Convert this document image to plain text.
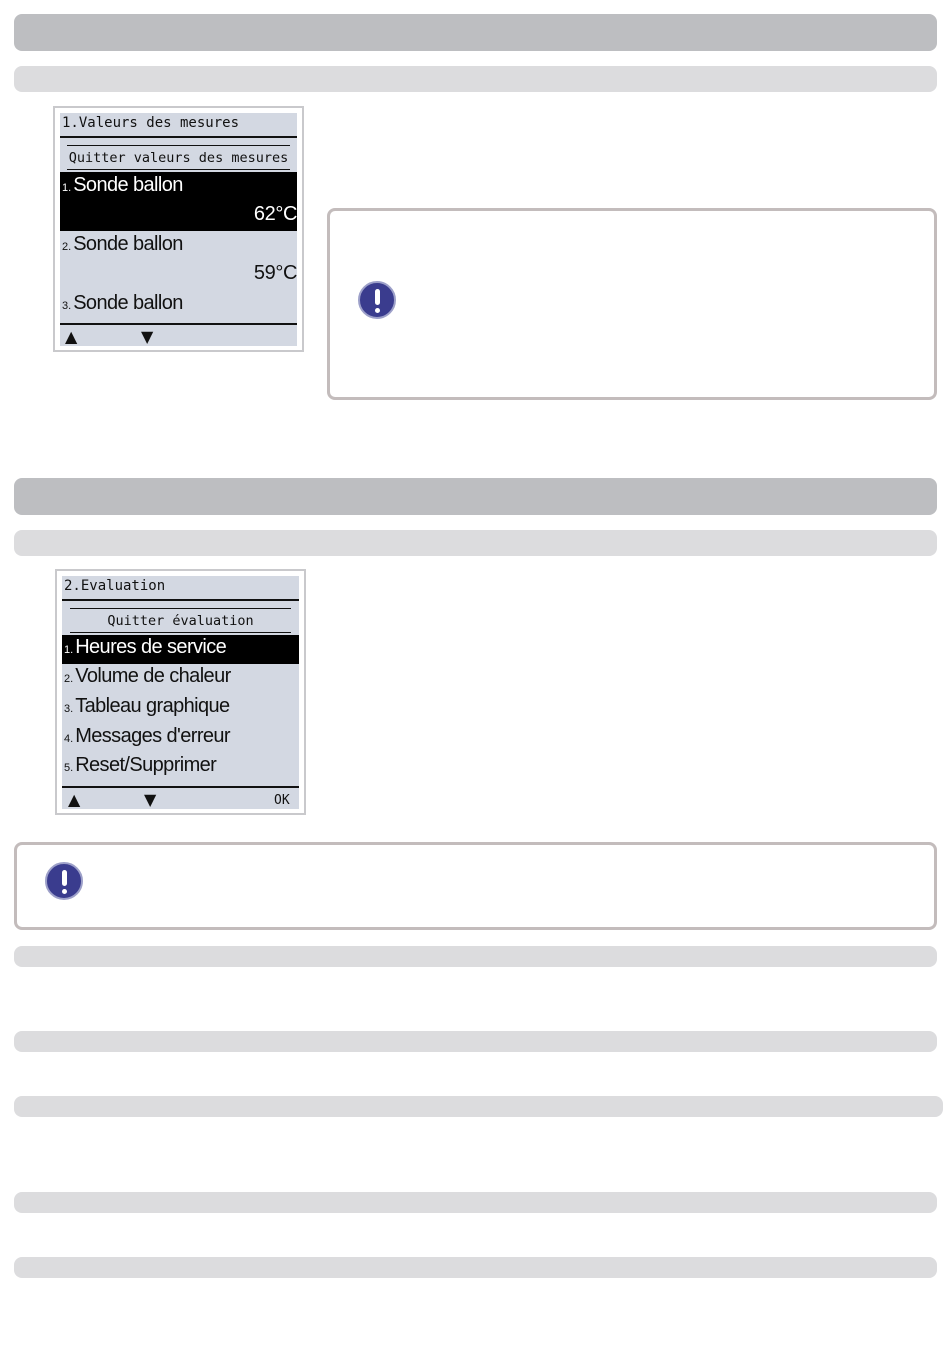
1.Valeurs des mesures
Quitter valeurs des mesures
1. Sonde ballon
62°C
2. Sonde ballon
59°C
3. Sonde ballon
▲	▼
2.Evaluation
Quitter évaluation
1. Heures de service
2. Volume de chaleur
3. Tableau graphique
4. Messages d'erreur
5. Reset/Supprimer
▲	▼	OK
